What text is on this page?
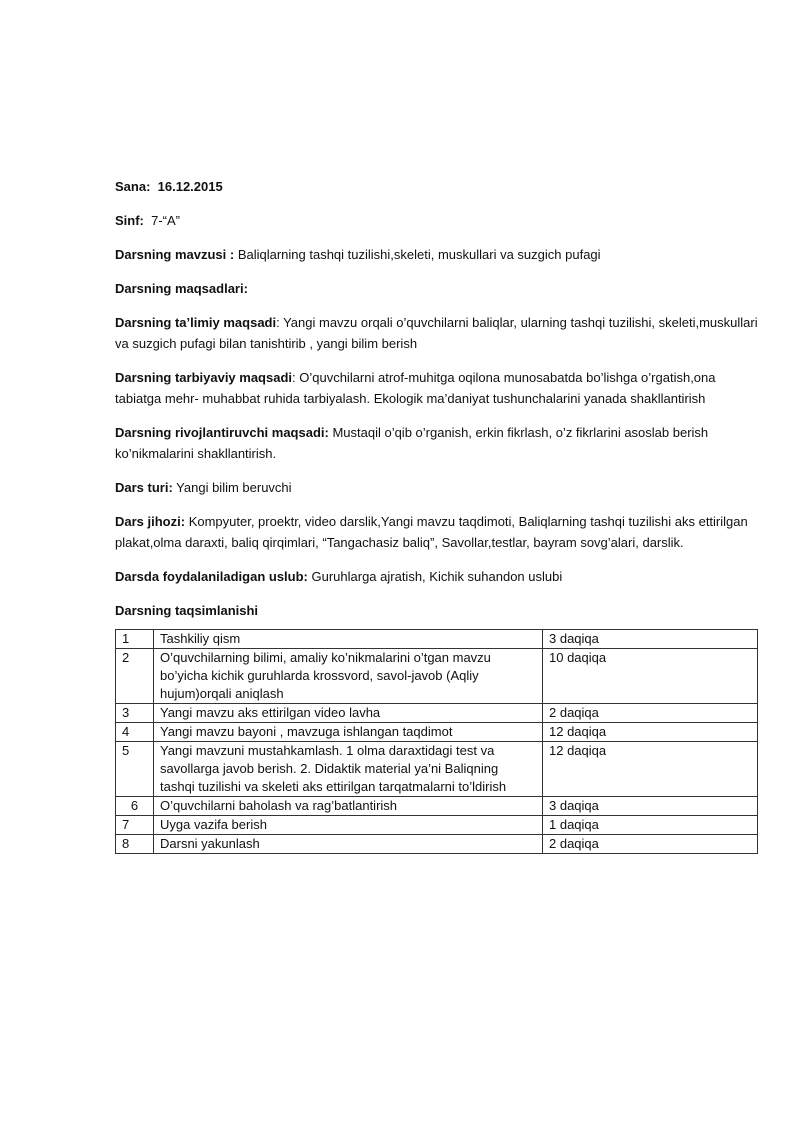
Sana: 16.12.2015

Sinf: 7-“A”

Darsning mavzusi : Baliqlarning tashqi tuzilishi,skeleti, muskullari va suzgich pufagi

Darsning maqsadlari:

Darsning ta’limiy maqsadi: Yangi mavzu orqali o’quvchilarni baliqlar, ularning tashqi tuzilishi, skeleti,muskullari va suzgich pufagi bilan tanishtirib , yangi bilim berish

Darsning tarbiyaviy maqsadi: O’quvchilarni atrof-muhitga oqilona munosabatda bo’lishga o’rgatish,ona tabiatga mehr- muhabbat ruhida tarbiyalash. Ekologik ma’daniyat tushunchalarini yanada shakllantirish

Darsning rivojlantiruvchi maqsadi: Mustaqil o’qib o’rganish, erkin fikrlash, o’z fikrlarini asoslab berish ko’nikmalarini shakllantirish.

Dars turi: Yangi bilim beruvchi

Dars jihozi: Kompyuter, proektr, video darslik,Yangi mavzu taqdimoti, Baliqlarning tashqi tuzilishi aks ettirilgan plakat,olma daraxti, baliq qirqimlari, “Tangachasiz baliq”, Savollar,testlar, bayram sovg’alari, darslik.

Darsda foydalaniladigan uslub: Guruhlarga ajratish, Kichik suhandon uslubi

Darsning taqsimlanishi

1	Tashkiliy qism	3 daqiqa
2	O’quvchilarning bilimi, amaliy ko’nikmalarini o’tgan mavzu bo’yicha kichik guruhlarda krossvord, savol-javob (Aqliy hujum)orqali aniqlash	10 daqiqa
3	Yangi mavzu aks ettirilgan video lavha	2 daqiqa
4	Yangi mavzu bayoni , mavzuga ishlangan taqdimot	12 daqiqa
5	Yangi mavzuni mustahkamlash. 1 olma daraxtidagi test va savollarga javob berish. 2. Didaktik material ya’ni Baliqning tashqi tuzilishi va skeleti aks ettirilgan tarqatmalarni to’ldirish	12 daqiqa
6	O’quvchilarni baholash va rag’batlantirish	3 daqiqa
7	Uyga vazifa berish	1 daqiqa
8	Darsni yakunlash	2 daqiqa
